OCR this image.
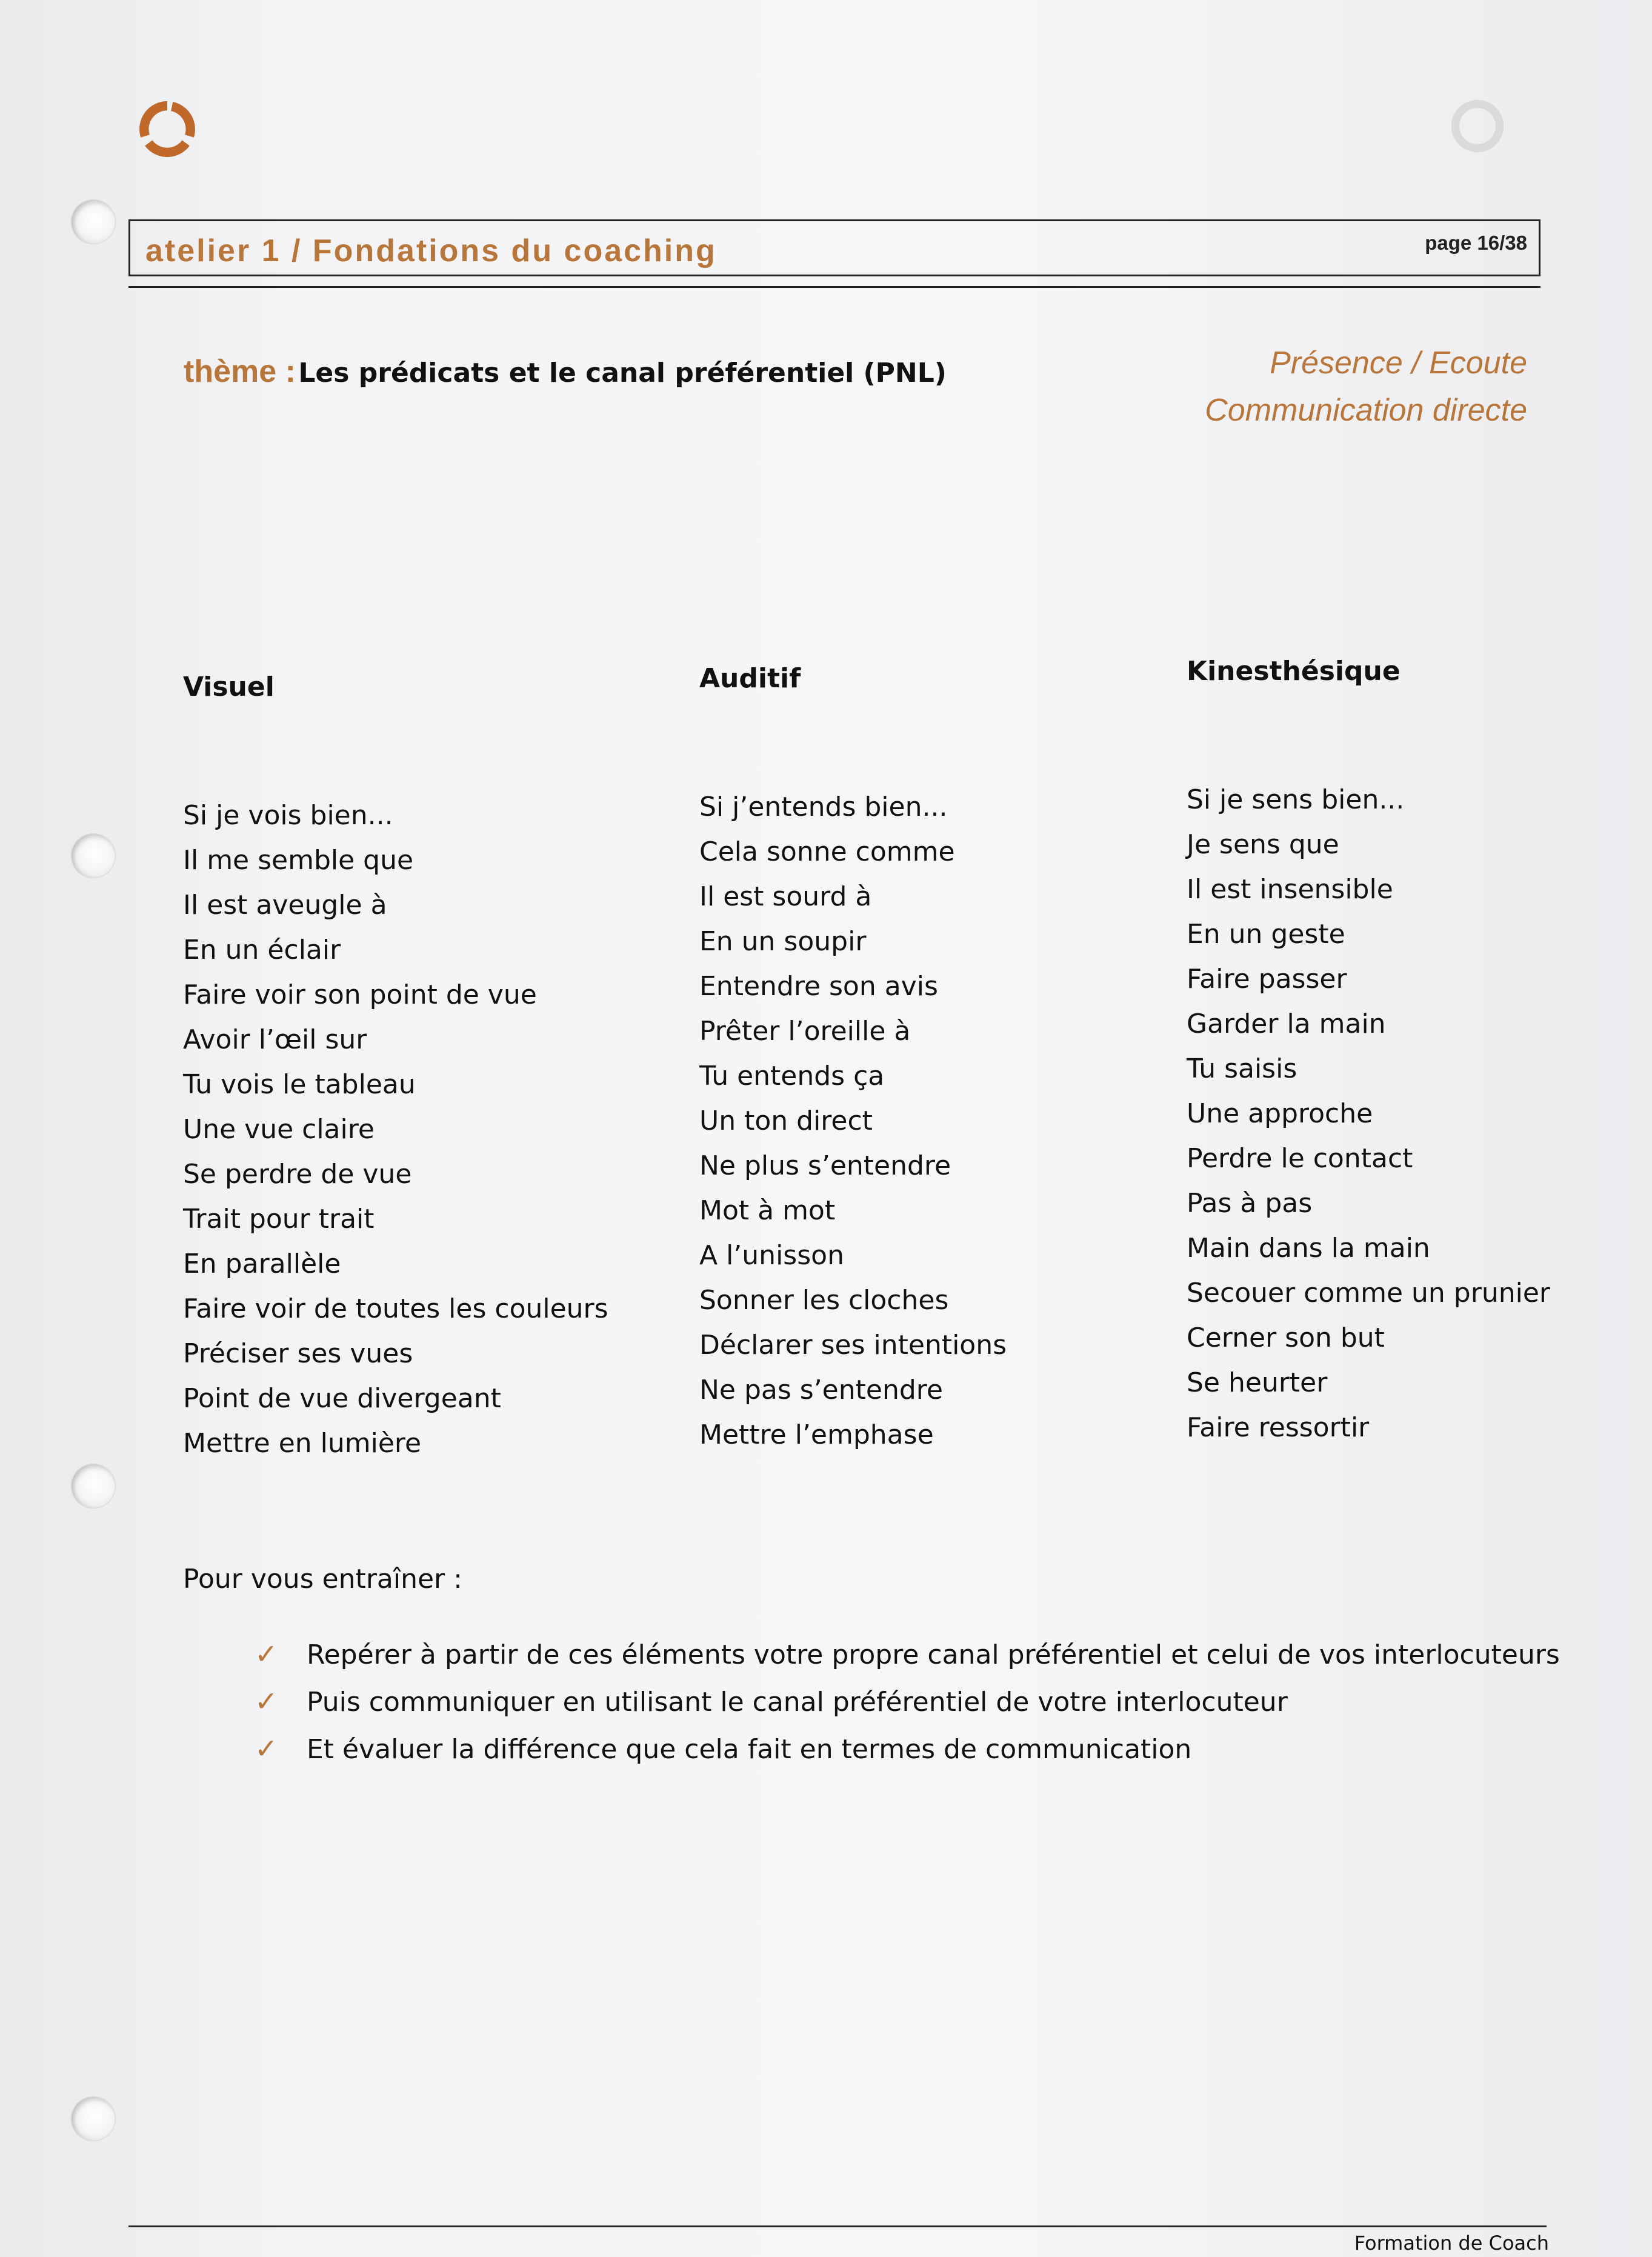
atelier 1 / Fondations du coaching	page 16/38
thème : Les prédicats et le canal préférentiel (PNL)	Présence / Ecoute
Communication directe

Visuel

Si je vois bien...
Il me semble que
Il est aveugle à
En un éclair
Faire voir son point de vue
Avoir l’œil sur
Tu vois le tableau
Une vue claire
Se perdre de vue
Trait pour trait
En parallèle
Faire voir de toutes les couleurs
Préciser ses vues
Point de vue divergeant
Mettre en lumière

Auditif

Si j’entends bien...
Cela sonne comme
Il est sourd à
En un soupir
Entendre son avis
Prêter l’oreille à
Tu entends ça
Un ton direct
Ne plus s’entendre
Mot à mot
A l’unisson
Sonner les cloches
Déclarer ses intentions
Ne pas s’entendre
Mettre l’emphase

Kinesthésique

Si je sens bien...
Je sens que
Il est insensible
En un geste
Faire passer
Garder la main
Tu saisis
Une approche
Perdre le contact
Pas à pas
Main dans la main
Secouer comme un prunier
Cerner son but
Se heurter
Faire ressortir
Pour vous entraîner :
✓ Repérer à partir de ces éléments votre propre canal préférentiel et celui de vos interlocuteurs
✓ Puis communiquer en utilisant le canal préférentiel de votre interlocuteur
✓ Et évaluer la différence que cela fait en termes de communication
Formation de Coach
